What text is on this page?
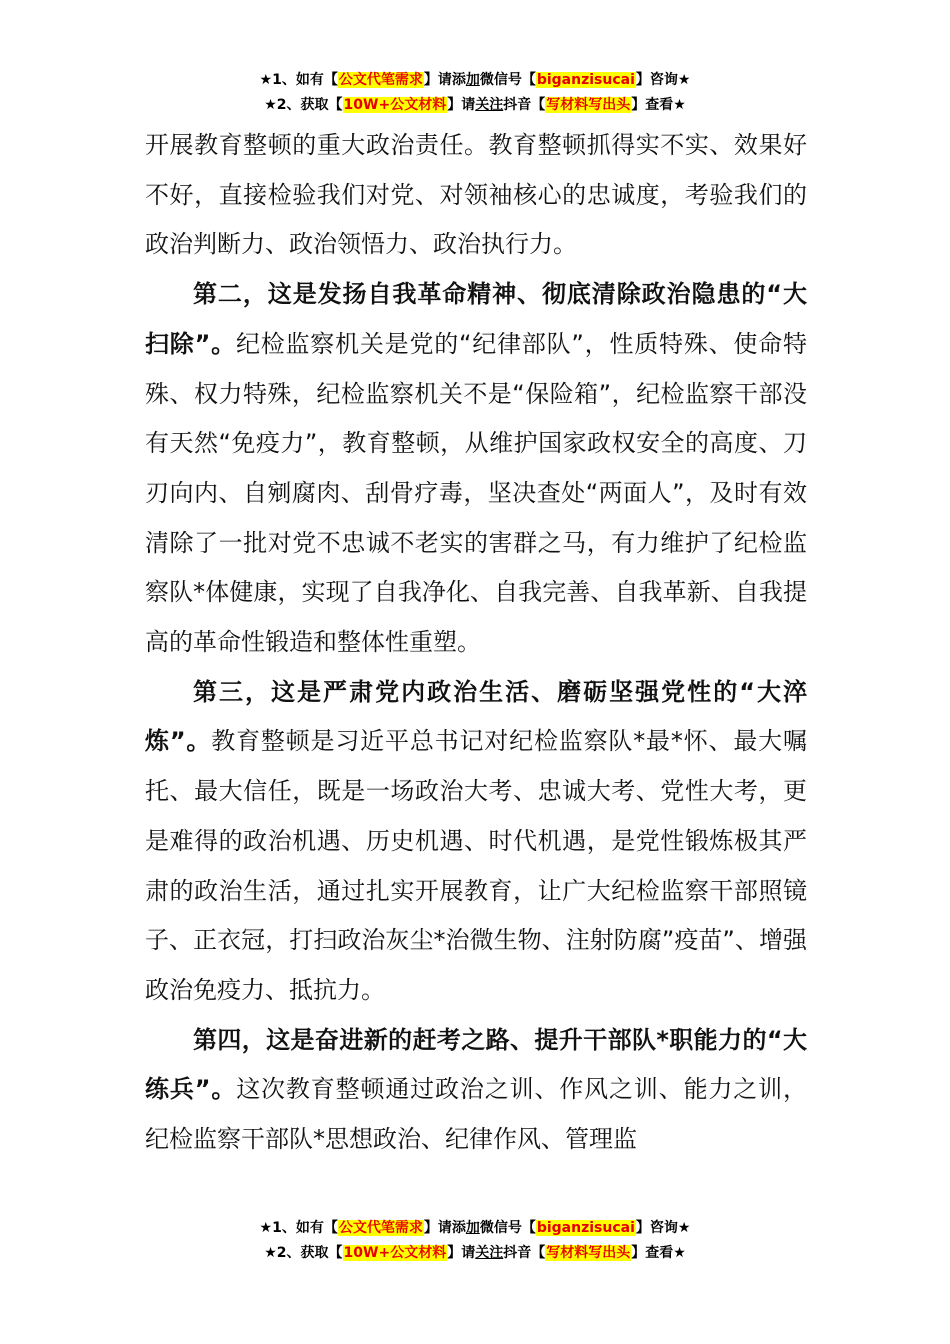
★1、如有【公文代笔需求】请添加微信号【biganzisucai】咨询★
★2、获取【10W+公文材料】请关注抖音【写材料写出头】查看★

开展教育整顿的重大政治责任。教育整顿抓得实不实、效果好不好，直接检验我们对党、对领袖核心的忠诚度，考验我们的政治判断力、政治领悟力、政治执行力。

第二，这是发扬自我革命精神、彻底清除政治隐患的“大扫除”。纪检监察机关是党的“纪律部队”，性质特殊、使命特殊、权力特殊，纪检监察机关不是“保险箱”，纪检监察干部没有天然“免疫力”，教育整顿，从维护国家政权安全的高度、刀刃向内、自剜腐肉、刮骨疗毒，坚决查处“两面人”，及时有效清除了一批对党不忠诚不老实的害群之马，有力维护了纪检监察队*体健康，实现了自我净化、自我完善、自我革新、自我提高的革命性锻造和整体性重塑。

第三，这是严肃党内政治生活、磨砺坚强党性的“大淬炼”。教育整顿是习近平总书记对纪检监察队*最*怀、最大嘱托、最大信任，既是一场政治大考、忠诚大考、党性大考，更是难得的政治机遇、历史机遇、时代机遇，是党性锻炼极其严肃的政治生活，通过扎实开展教育，让广大纪检监察干部照镜子、正衣冠，打扫政治灰尘*治微生物、注射防腐”疫苗”、增强政治免疫力、抵抗力。

第四，这是奋进新的赶考之路、提升干部队*职能力的“大练兵”。这次教育整顿通过政治之训、作风之训、能力之训，纪检监察干部队*思想政治、纪律作风、管理监

★1、如有【公文代笔需求】请添加微信号【biganzisucai】咨询★
★2、获取【10W+公文材料】请关注抖音【写材料写出头】查看★
